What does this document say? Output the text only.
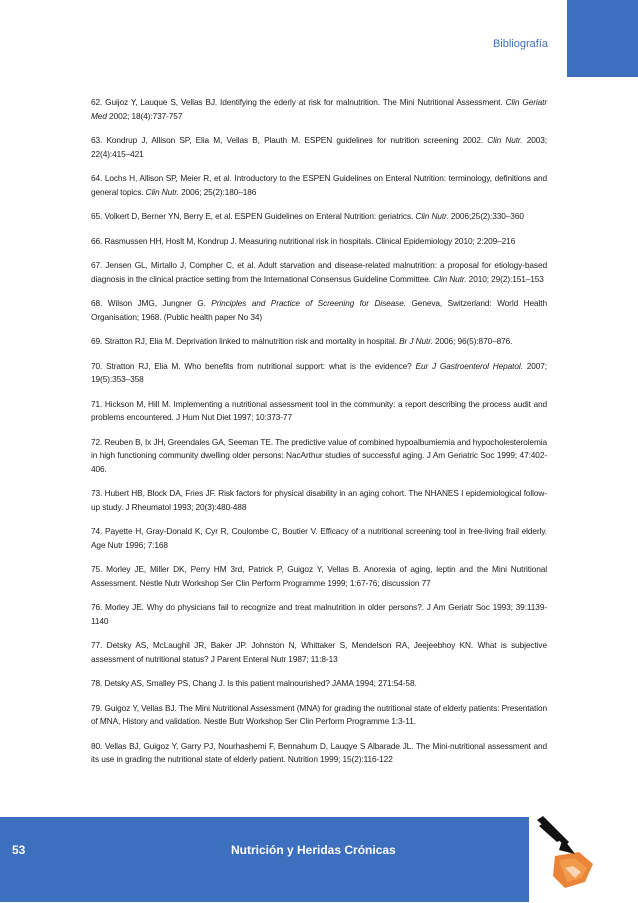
Bibliografía

62. Guijoz Y, Lauque S, Vellas BJ. Identifying the ederly at risk for malnutrition. The Mini Nutritional Assessment. Clin Geriatr Med 2002; 18(4):737-757

63. Kondrup J, Allison SP, Elia M, Vellas B, Plauth M. ESPEN guidelines for nutrition screening 2002. Clin Nutr. 2003; 22(4):415–421

64. Lochs H, Allison SP, Meier R, et al. Introductory to the ESPEN Guidelines on Enteral Nutrition: terminology, definitions and general topics. Clin Nutr. 2006; 25(2):180–186

65. Volkert D, Berner YN, Berry E, et al. ESPEN Guidelines on Enteral Nutrition: geriatrics. Clin Nutr. 2006;25(2):330–360

66. Rasmussen HH, Hoslt M, Kondrup J. Measuring nutritional risk in hospitals. Clinical Epidemiology 2010; 2:209–216

67. Jensen GL, Mirtallo J, Compher C, et al. Adult starvation and disease-related malnutrition: a proposal for etiology-based diagnosis in the clinical practice setting from the International Consensus Guideline Committee. Clin Nutr. 2010; 29(2):151–153

68. Wilson JMG, Jungner G. Principles and Practice of Screening for Disease. Geneva, Switzerland: World Health Organisation; 1968. (Public health paper No 34)

69. Stratton RJ, Elia M. Deprivation linked to malnutrition risk and mortality in hospital. Br J Nutr. 2006; 96(5):870–876.

70. Stratton RJ, Elia M. Who benefits from nutritional support: what is the evidence? Eur J Gastroenterol Hepatol. 2007; 19(5):353–358

71. Hickson M, Hill M. Implementing a nutritional assessment tool in the community: a report describing the process audit and problems encountered. J Hum Nut Diet 1997; 10:373-77

72. Reuben B, Ix JH, Greendales GA, Seeman TE. The predictive value of combined hypoalbumiemia and hypocholesterolemia in high functioning community dwelling older persons: NacArthur studies of successful aging. J Am Geriatric Soc 1999; 47:402-406.

73. Hubert HB, Block DA, Fries JF. Risk factors for physical disability in an aging cohort. The NHANES I epidemiological follow-up study. J Rheumatol 1993; 20(3):480-488

74. Payette H, Gray-Donald K, Cyr R, Coulombe C, Boutier V. Efficacy of a nutritional screening tool in free-living frail elderly. Age Nutr 1996; 7:168

75. Morley JE, Miller DK, Perry HM 3rd, Patrick P, Guigoz Y, Vellas B. Anorexia of aging, leptin and the Mini Nutritional Assessment. Nestle Nutr Workshop Ser Clin Perform Programme 1999; 1:67-76; discussion 77

76. Morley JE. Why do physicians fail to recognize and treat malnutrition in older persons?. J Am Geriatr Soc 1993; 39:1139-1140

77. Detsky AS, McLaughil JR, Baker JP. Johnston N, Whittaker S, Mendelson RA, Jeejeebhoy KN. What is subjective assessment of nutritional status? J Parent Enteral Nutr 1987; 11:8-13

78. Detsky AS, Smalley PS, Chang J. Is this patient malnourished? JAMA 1994; 271:54-58.

79. Guigoz Y, Vellas BJ. The Mini Nutritional Assessment (MNA) for grading the nutritional state of elderly patients: Presentation of MNA, History and validation. Nestle Butr Workshop Ser Clin Perform Programme 1:3-11.

80. Vellas BJ, Guigoz Y, Garry PJ, Nourhashemi F, Bennahum D, Lauqye S Albarade JL. The Mini-nutritional assessment and its use in grading the nutritional state of elderly patient. Nutrition 1999; 15(2):116-122

53	Nutrición y Heridas Crónicas
